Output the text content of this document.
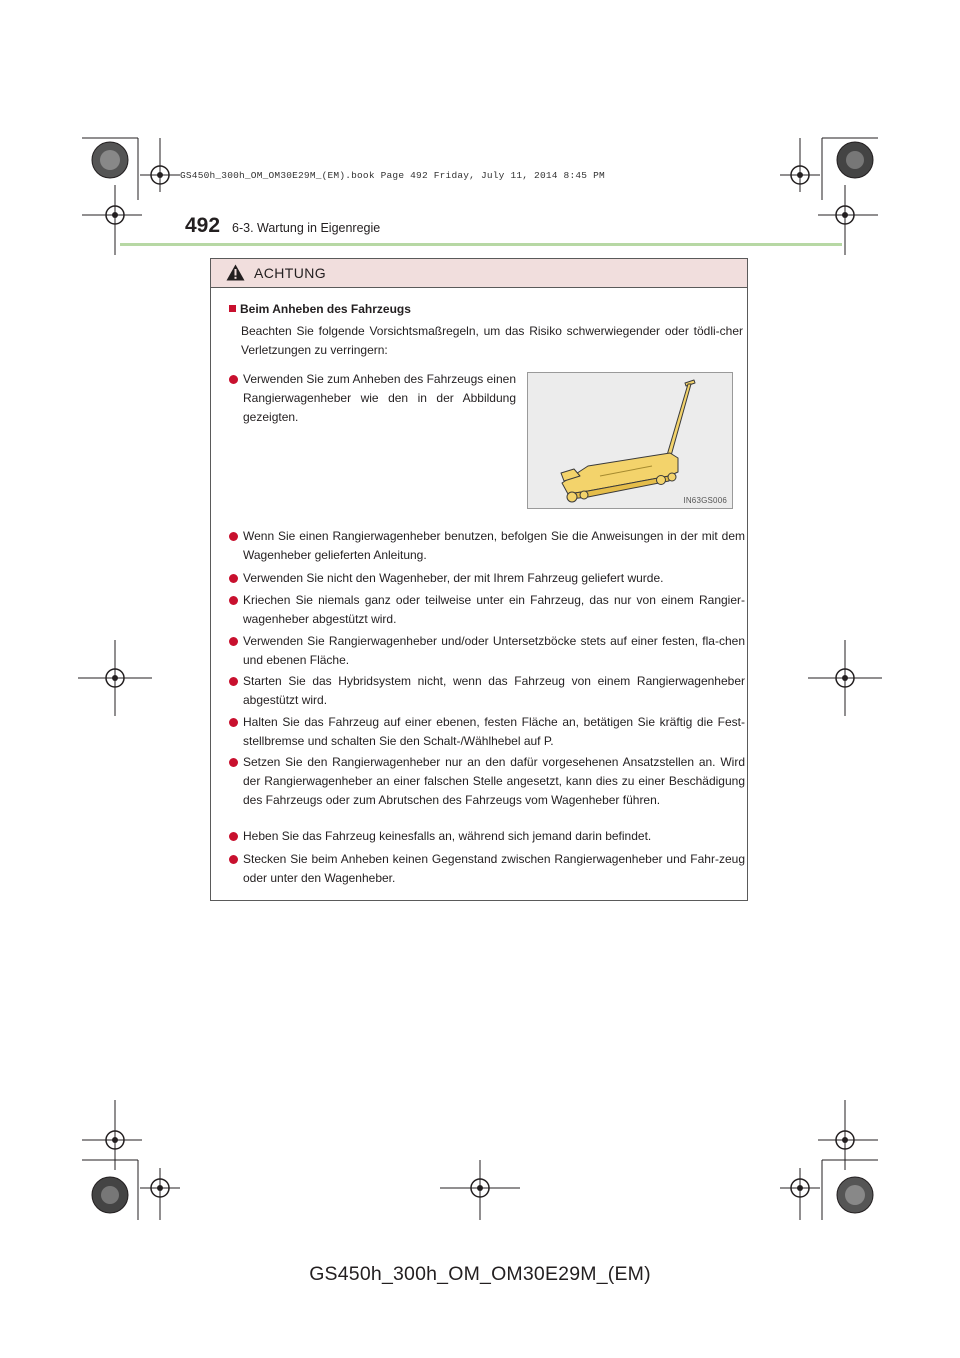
GS450h_300h_OM_OM30E29M_(EM).book Page 492 Friday, July 11, 2014 8:45 PM
492 6-3. Wartung in Eigenregie
ACHTUNG
Beim Anheben des Fahrzeugs
Beachten Sie folgende Vorsichtsmaßregeln, um das Risiko schwerwiegender oder tödli-cher Verletzungen zu verringern:
Verwenden Sie zum Anheben des Fahrzeugs einen Rangierwagenheber wie den in der Abbildung gezeigten.
IN63GS006
Wenn Sie einen Rangierwagenheber benutzen, befolgen Sie die Anweisungen in der mit dem Wagenheber gelieferten Anleitung.
Verwenden Sie nicht den Wagenheber, der mit Ihrem Fahrzeug geliefert wurde.
Kriechen Sie niemals ganz oder teilweise unter ein Fahrzeug, das nur von einem Rangier-wagenheber abgestützt wird.
Verwenden Sie Rangierwagenheber und/oder Untersetzböcke stets auf einer festen, fla-chen und ebenen Fläche.
Starten Sie das Hybridsystem nicht, wenn das Fahrzeug von einem Rangierwagenheber abgestützt wird.
Halten Sie das Fahrzeug auf einer ebenen, festen Fläche an, betätigen Sie kräftig die Fest-stellbremse und schalten Sie den Schalt-/Wählhebel auf P.
Setzen Sie den Rangierwagenheber nur an den dafür vorgesehenen Ansatzstellen an. Wird der Rangierwagenheber an einer falschen Stelle angesetzt, kann dies zu einer Beschädigung des Fahrzeugs oder zum Abrutschen des Fahrzeugs vom Wagenheber führen.
Heben Sie das Fahrzeug keinesfalls an, während sich jemand darin befindet.
Stecken Sie beim Anheben keinen Gegenstand zwischen Rangierwagenheber und Fahr-zeug oder unter den Wagenheber.
GS450h_300h_OM_OM30E29M_(EM)
